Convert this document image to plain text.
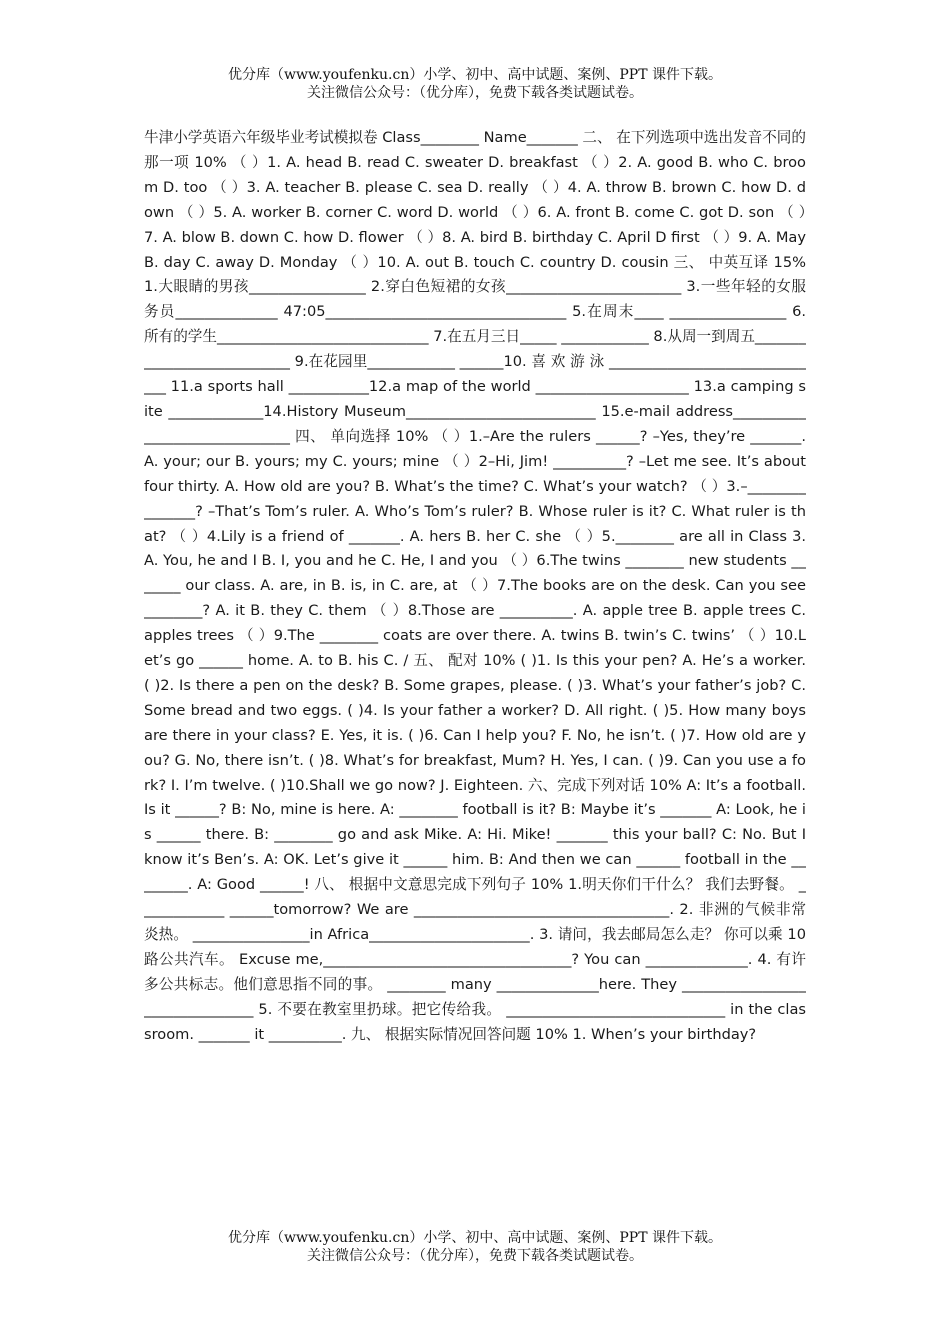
优分库（www.youfenku.cn）小学、初中、高中试题、案例、PPT 课件下载。
关注微信公众号：（优分库），免费下载各类试题试卷。
牛津小学英语六年级毕业考试模拟卷 Class________ Name_______ 二、 在下列选项中选出发音不同的那一项 10% （ ）1. A. head B. read C. sweater D. breakfast （ ）2. A. good B. who C. broom D. too （ ）3. A. teacher B. please C. sea D. really （ ）4. A. throw B. brown C. how D. down （ ）5. A. worker B. corner C. word D. world （ ）6. A. front B. come C. got D. son （ ）7. A. blow B. down C. how D. flower （ ）8. A. bird B. birthday C. April D first （ ）9. A. May B. day C. away D. Monday （ ）10. A. out B. touch C. country D. cousin 三、 中英互译 15% 1.大眼睛的男孩________________ 2.穿白色短裙的女孩________________________ 3.一些年轻的女服务员______________ 47:05_________________________________ 5.在周末____ ________________ 6.所有的学生_____________________________ 7.在五月三日_____ ____________ 8.从周一到周五___________________________ 9.在花园里____________ ______10. 喜 欢 游 泳 ______________________________ 11.a sports hall ___________12.a map of the world _____________________ 13.a camping site _____________14.History Museum__________________________ 15.e-mail address______________________________ 四、 单向选择 10% （ ）1.–Are the rulers ______? –Yes, they’re _______. A. your; our B. yours; my C. yours; mine （ ）2–Hi, Jim! __________? –Let me see. It’s about four thirty. A. How old are you? B. What’s the time? C. What’s your watch? （ ）3.–_______________? –That’s Tom’s ruler. A. Who’s Tom’s ruler? B. Whose ruler is it? C. What ruler is that? （ ）4.Lily is a friend of _______. A. hers B. her C. she （ ）5.________ are all in Class 3. A. You, he and I B. I, you and he C. He, I and you （ ）6.The twins ________ new students _______ our class. A. are, in B. is, in C. are, at （ ）7.The books are on the desk. Can you see________? A. it B. they C. them （ ）8.Those are __________. A. apple tree B. apple trees C. apples trees （ ）9.The ________ coats are over there. A. twins B. twin’s C. twins’ （ ）10.Let’s go ______ home. A. to B. his C. / 五、 配对 10% ( )1. Is this your pen? A. He’s a worker. ( )2. Is there a pen on the desk? B. Some grapes, please. ( )3. What’s your father’s job? C. Some bread and two eggs. ( )4. Is your father a worker? D. All right. ( )5. How many boys are there in your class? E. Yes, it is. ( )6. Can I help you? F. No, he isn’t. ( )7. How old are you? G. No, there isn’t. ( )8. What’s for breakfast, Mum? H. Yes, I can. ( )9. Can you use a fork? I. I’m twelve. ( )10.Shall we go now? J. Eighteen. 六、完成下列对话 10% A: It’s a football. Is it ______? B: No, mine is here. A: ________ football is it? B: Maybe it’s _______ A: Look, he is ______ there. B: ________ go and ask Mike. A: Hi. Mike! _______ this your ball? C: No. But I know it’s Ben’s. A: OK. Let’s give it ______ him. B: And then we can ______ football in the ________. A: Good ______! 八、 根据中文意思完成下列句子 10% 1.明天你们干什么？ 我们去野餐。 ____________ ______tomorrow? We are ___________________________________. 2. 非洲的气候非常炎热。 ________________in Africa______________________. 3. 请问，我去邮局怎么走？ 你可以乘 10 路公共汽车。 Excuse me,__________________________________? You can ______________. 4. 有许多公共标志。他们意思指不同的事。 ________ many ______________here. They ________________________________ 5. 不要在教室里扔球。把它传给我。 ______________________________ in the classroom. _______ it __________. 九、 根据实际情况回答问题 10% 1. When’s your birthday?
优分库（www.youfenku.cn）小学、初中、高中试题、案例、PPT 课件下载。
关注微信公众号：（优分库），免费下载各类试题试卷。
